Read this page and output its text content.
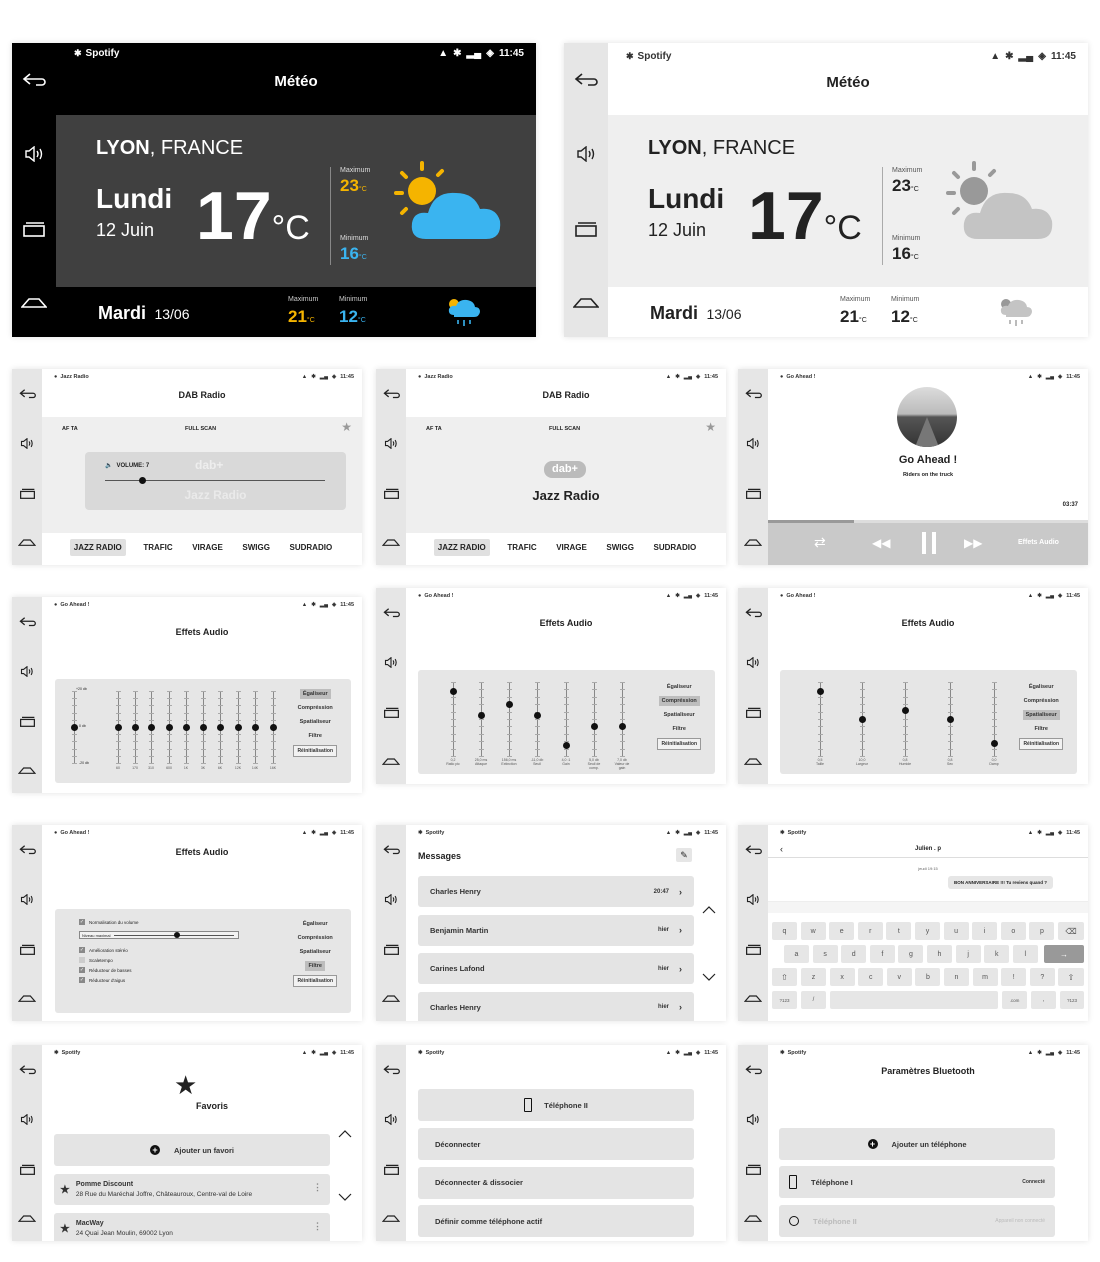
✱ Spotify	▲ ✱ ▂▄ ◈ 11:45
Météo
LYON, FRANCE
Lundi
12 Juin 17°C
Maximum
23°C
Minimum
16°C
Mardi 13/06
Maximum
21°C
Minimum
12°C
✱ Spotify	▲ ✱ ▂▄ ◈ 11:45
Météo
LYON, FRANCE
Lundi
12 Juin 17°C
Maximum
23°C
Minimum
16°C
Mardi 13/06
Maximum
21°C
Minimum
12°C
● Jazz Radio	▲ ✱ ▂▄ ◈ 11:45
DAB Radio
AF TA	FULL SCAN	★
dab+
Jazz Radio
🔈 VOLUME: 7
JAZZ RADIO	TRAFIC VIRAGE SWIGG SUDRADIO
● Jazz Radio	▲ ✱ ▂▄ ◈ 11:45
DAB Radio
AF TA	FULL SCAN	★
dab+
Jazz Radio
JAZZ RADIO	TRAFIC VIRAGE SWIGG SUDRADIO
● Go Ahead !	▲ ✱ ▂▄ ◈ 11:45
Go Ahead !
Riders on the truck
03:37
⇄	◀◀	▶▶	Effets Audio
● Go Ahead !	▲ ✱ ▂▄ ◈ 11:45
Effets Audio
+20 db
0 db
-20 db
60	170	310	600	1K	3K	6K	12K	14K	16K
Égaliseur
Compréssion
Spatialiseur
Filtre
Réinitialisation
● Go Ahead !	▲ ✱ ▂▄ ◈ 11:45
Effets Audio
0,2
Ratio pic
25,0 ms
Attaque
156,0 ms
Extinction
-11,0 db
Seuil
4,0 :1
Gain
5,0 db
Seuil de comp.
7,0 db
Valeur de gain
Égaliseur
Compréssion
Spatialiseur
Filtre
Réinitialisation
● Go Ahead !	▲ ✱ ▂▄ ◈ 11:45
Effets Audio
0,5
Taille
10,0
Largeur
0,8
Humide
0,8
Sec
0,0
Damp
Égaliseur
Compréssion
Spatialiseur
Filtre
Réinitialisation
● Go Ahead !	▲ ✱ ▂▄ ◈ 11:45
Effets Audio
Égaliseur
Compréssion
Spatialiseur
Filtre
Réinitialisation
✓ Normalisation du volume
Niveau maximal
✓ Amélioration stéréo
Scaletempo
✓ Réducteur de basses
✓ Réducteur d'aigus
✱ Spotify	▲ ✱ ▂▄ ◈ 11:45
Messages	✎
Charles Henry	20:47 ›
Benjamin Martin	hier ›
Carines Lafond	hier ›
Charles Henry	hier ›
✱ Spotify	▲ ✱ ▂▄ ◈ 11:45
‹	Julien . p
jeudi 19:15
BON ANNIVERSAIRE !!! Tu reviens quand ?
q	w	e	r	t	y	u	i	o	p	⌫
a	s	d	f	g	h	j	k	l	→
⇧	z	x	c	v	b	n	m	!	?	⇧
?123	/	.com	,	?123
✱ Spotify	▲ ✱ ▂▄ ◈ 11:45
★
Favoris
+	Ajouter un favori
★ Pomme Discount
28 Rue du Maréchal Joffre, Châteauroux, Centre-val de Loire
⋮
★ MacWay
24 Quai Jean Moulin, 69002 Lyon
⋮
✱ Spotify	▲ ✱ ▂▄ ◈ 11:45
Téléphone II
Déconnecter
Déconnecter & dissocier
Définir comme téléphone actif
✱ Spotify	▲ ✱ ▂▄ ◈ 11:45
Paramètres Bluetooth
+	Ajouter un téléphone
Téléphone I	Connecté
Téléphone II	Appareil non connecté
